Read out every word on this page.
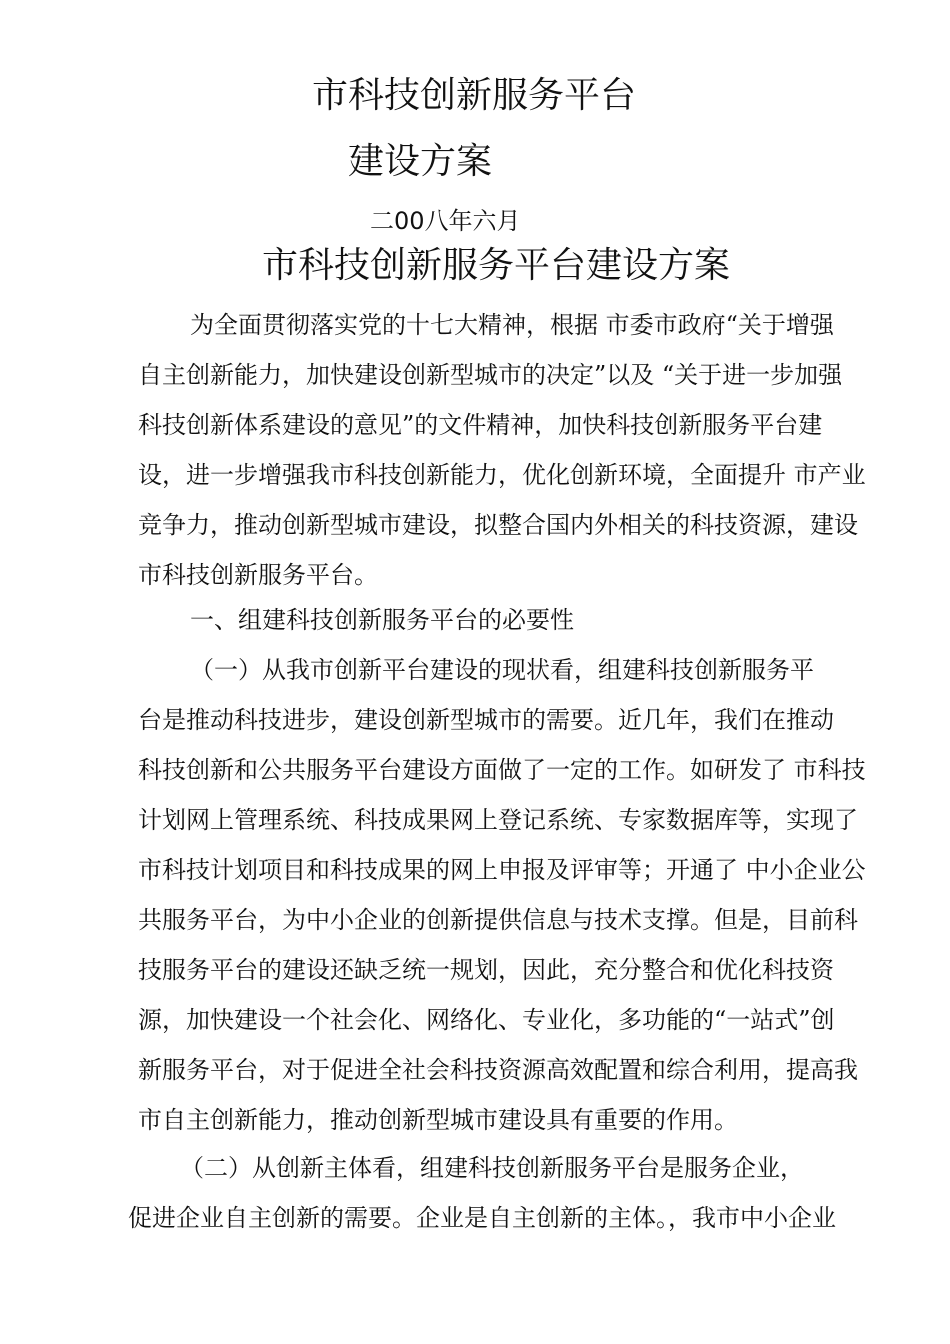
市科技创新服务平台
建设方案
二00八年六月
市科技创新服务平台建设方案
为全面贯彻落实党的十七大精神，根据 市委市政府“关于增强
自主创新能力，加快建设创新型城市的决定”以及 “关于进一步加强
科技创新体系建设的意见”的文件精神，加快科技创新服务平台建
设，进一步增强我市科技创新能力，优化创新环境，全面提升 市产业
竞争力，推动创新型城市建设，拟整合国内外相关的科技资源，建设
市科技创新服务平台。
一、组建科技创新服务平台的必要性
（一）从我市创新平台建设的现状看，组建科技创新服务平
台是推动科技进步，建设创新型城市的需要。近几年，我们在推动
科技创新和公共服务平台建设方面做了一定的工作。如研发了 市科技
计划网上管理系统、科技成果网上登记系统、专家数据库等，实现了
市科技计划项目和科技成果的网上申报及评审等；开通了 中小企业公
共服务平台，为中小企业的创新提供信息与技术支撑。但是，目前科
技服务平台的建设还缺乏统一规划，因此，充分整合和优化科技资
源，加快建设一个社会化、网络化、专业化，多功能的“一站式”创
新服务平台，对于促进全社会科技资源高效配置和综合利用，提高我
市自主创新能力，推动创新型城市建设具有重要的作用。
（二）从创新主体看，组建科技创新服务平台是服务企业，
促进企业自主创新的需要。企业是自主创新的主体。，我市中小企业
